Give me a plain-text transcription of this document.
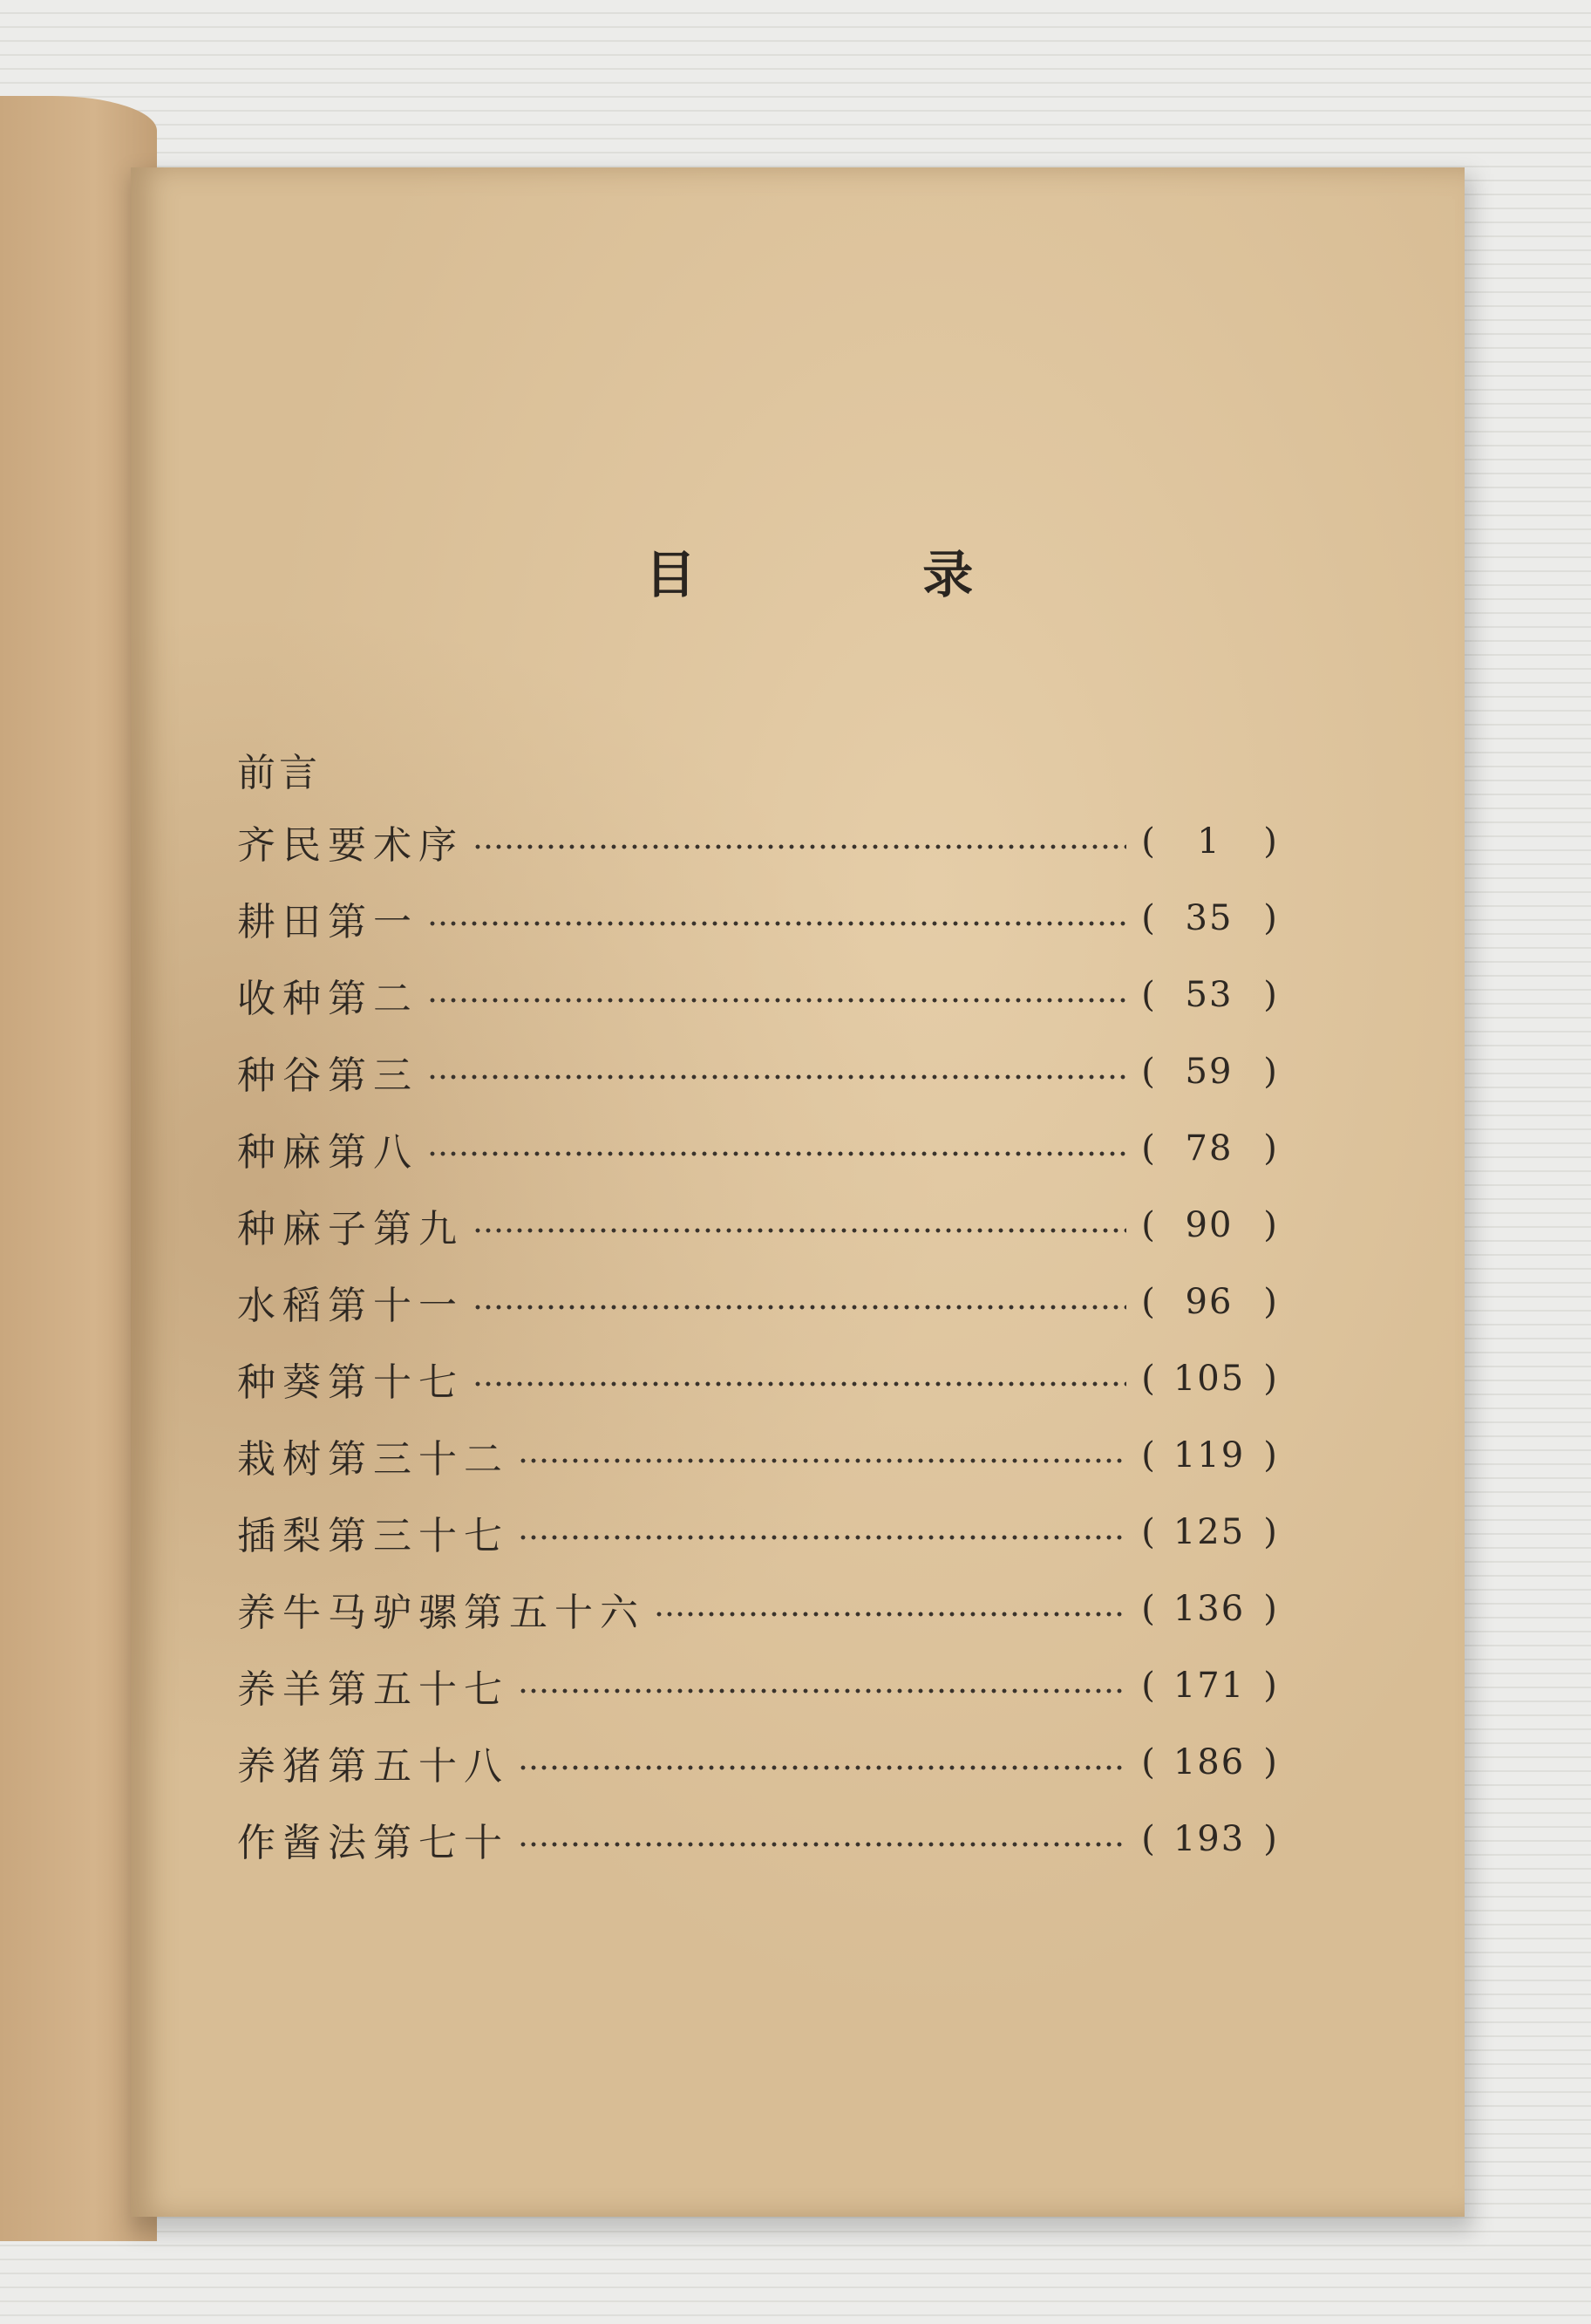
目 录
前言
齐民要术序	(	1	)
耕田第一	( 35 )
收种第二	( 53 )
种谷第三	( 59 )
种麻第八	( 78 )
种麻子第九	( 90 )
水稻第十一	( 96 )
种葵第十七	( 105 )
栽树第三十二	( 119 )
插梨第三十七	( 125 )
养牛马驴骡第五十六	( 136 )
养羊第五十七	( 171 )
养猪第五十八	( 186 )
作酱法第七十	( 193 )
